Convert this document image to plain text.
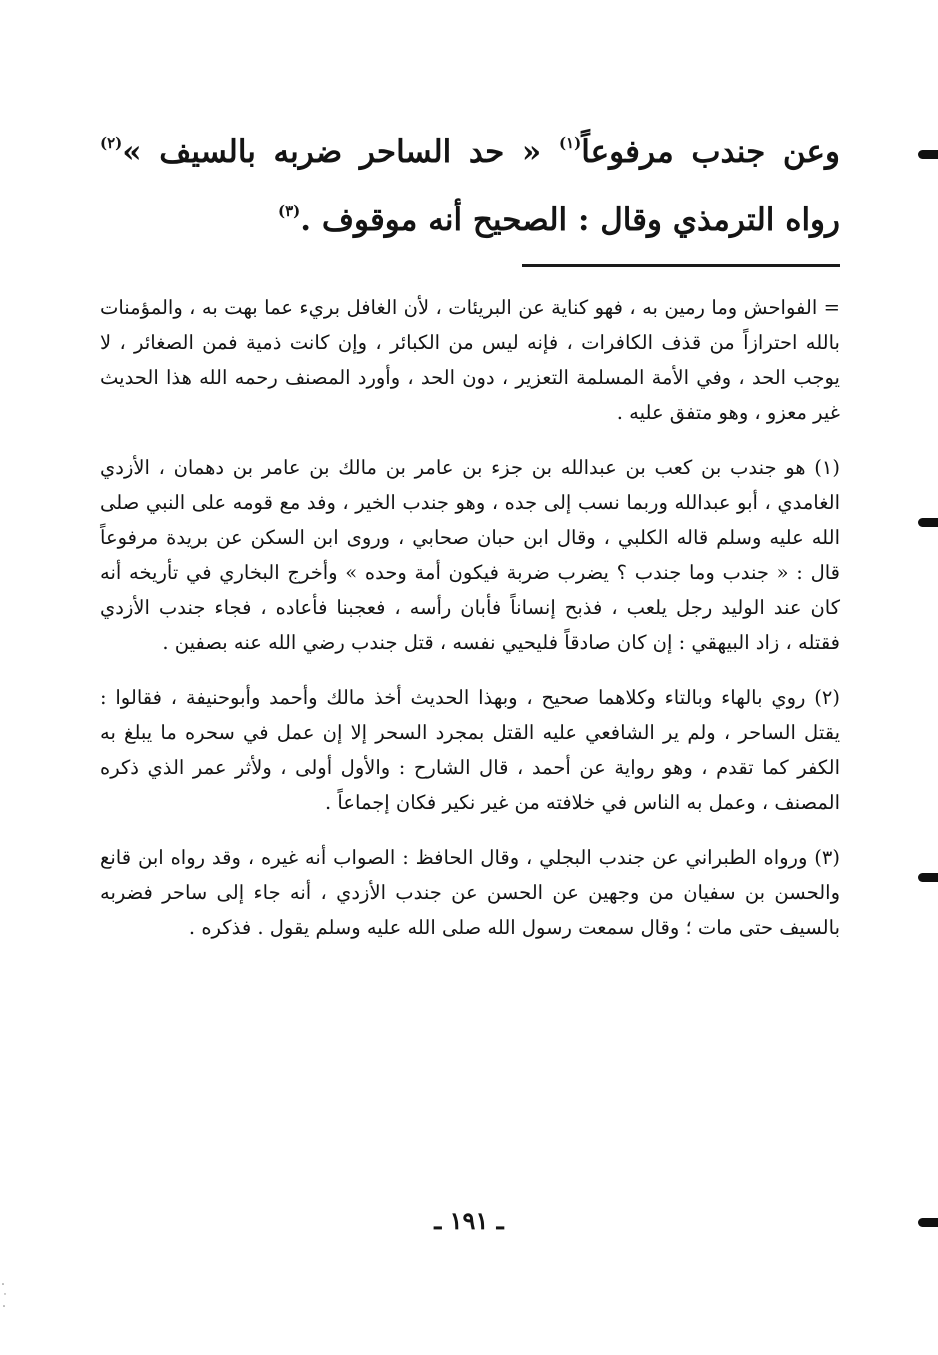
وعن جندب مرفوعاً$^{(١)}$ « حد الساحر ضربه بالسيف »$^{(٢)}$ رواه الترمذي وقال : الصحيح أنه موقوف .$^{(٣)}$

= الفواحش وما رمين به ، فهو كناية عن البريئات ، لأن الغافل بريء عما بهت به ، والمؤمنات بالله احترازاً من قذف الكافرات ، فإنه ليس من الكبائر ، وإن كانت ذمية فمن الصغائر ، لا يوجب الحد ، وفي الأمة المسلمة التعزير ، دون الحد ، وأورد المصنف رحمه الله هذا الحديث غير معزو ، وهو متفق عليه .

(١) هو جندب بن كعب بن عبدالله بن جزء بن عامر بن مالك بن عامر بن دهمان ، الأزدي الغامدي ، أبو عبدالله وربما نسب إلى جده ، وهو جندب الخير ، وفد مع قومه على النبي صلى الله عليه وسلم قاله الكلبي ، وقال ابن حبان صحابي ، وروى ابن السكن عن بريدة مرفوعاً قال : « جندب وما جندب ؟ يضرب ضربة فيكون أمة وحده » وأخرج البخاري في تأريخه أنه كان عند الوليد رجل يلعب ، فذبح إنساناً فأبان رأسه ، فعجبنا فأعاده ، فجاء جندب الأزدي فقتله ، زاد البيهقي : إن كان صادقاً فليحيي نفسه ، قتل جندب رضي الله عنه بصفين .

(٢) روي بالهاء وبالتاء وكلاهما صحيح ، وبهذا الحديث أخذ مالك وأحمد وأبوحنيفة ، فقالوا : يقتل الساحر ، ولم ير الشافعي عليه القتل بمجرد السحر إلا إن عمل في سحره ما يبلغ به الكفر كما تقدم ، وهو رواية عن أحمد ، قال الشارح : والأول أولى ، ولأثر عمر الذي ذكره المصنف ، وعمل به الناس في خلافته من غير نكير فكان إجماعاً .

(٣) ورواه الطبراني عن جندب البجلي ، وقال الحافظ : الصواب أنه غيره ، وقد رواه ابن قانع والحسن بن سفيان من وجهين عن الحسن عن جندب الأزدي ، أنه جاء إلى ساحر فضربه بالسيف حتى مات ؛ وقال سمعت رسول الله صلى الله عليه وسلم يقول . فذكره .

ـ ١٩١ ـ
